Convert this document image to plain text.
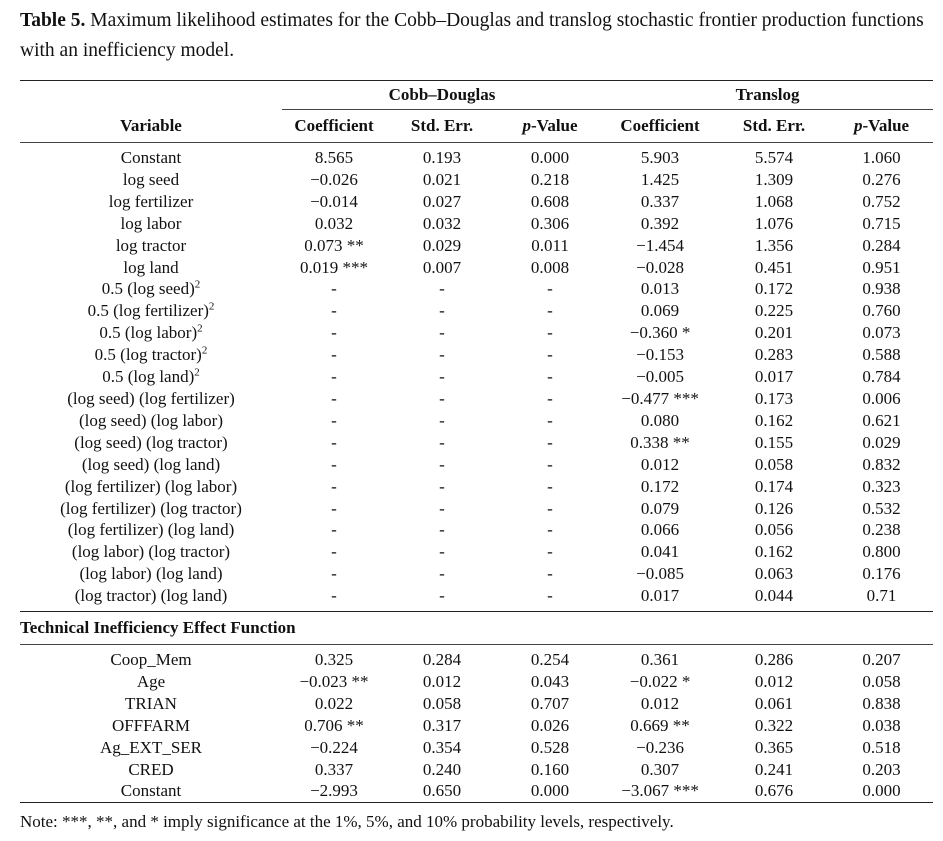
Table 5. Maximum likelihood estimates for the Cobb–Douglas and translog stochastic frontier production functions with an inefficiency model.
	Cobb–Douglas			Translog		
Variable	Coefficient	Std. Err.	p-Value	Coefficient	Std. Err.	p-Value

Constant	8.565	0.193	0.000	5.903	5.574	1.060
log seed	−0.026	0.021	0.218	1.425	1.309	0.276
log fertilizer	−0.014	0.027	0.608	0.337	1.068	0.752
log labor	0.032	0.032	0.306	0.392	1.076	0.715
log tractor	0.073 **	0.029	0.011	−1.454	1.356	0.284
log land	0.019 ***	0.007	0.008	−0.028	0.451	0.951
0.5 (log seed)$^2$	-	-	-	0.013	0.172	0.938
0.5 (log fertilizer)$^2$	-	-	-	0.069	0.225	0.760
0.5 (log labor)$^2$	-	-	-	−0.360 *	0.201	0.073
0.5 (log tractor)$^2$	-	-	-	−0.153	0.283	0.588
0.5 (log land)$^2$	-	-	-	−0.005	0.017	0.784
(log seed) (log fertilizer)	-	-	-	−0.477 ***	0.173	0.006
(log seed) (log labor)	-	-	-	0.080	0.162	0.621
(log seed) (log tractor)	-	-	-	0.338 **	0.155	0.029
(log seed) (log land)	-	-	-	0.012	0.058	0.832
(log fertilizer) (log labor)	-	-	-	0.172	0.174	0.323
(log fertilizer) (log tractor)	-	-	-	0.079	0.126	0.532
(log fertilizer) (log land)	-	-	-	0.066	0.056	0.238
(log labor) (log tractor)	-	-	-	0.041	0.162	0.800
(log labor) (log land)	-	-	-	−0.085	0.063	0.176
(log tractor) (log land)	-	-	-	0.017	0.044	0.71

Technical Inefficiency Effect Function						

Coop_Mem	0.325	0.284	0.254	0.361	0.286	0.207
Age	−0.023 **	0.012	0.043	−0.022 *	0.012	0.058
TRIAN	0.022	0.058	0.707	0.012	0.061	0.838
OFFFARM	0.706 **	0.317	0.026	0.669 **	0.322	0.038
Ag_EXT_SER	−0.224	0.354	0.528	−0.236	0.365	0.518
CRED	0.337	0.240	0.160	0.307	0.241	0.203
Constant	−2.993	0.650	0.000	−3.067 ***	0.676	0.000
Note: ***, **, and * imply significance at the 1%, 5%, and 10% probability levels, respectively.
